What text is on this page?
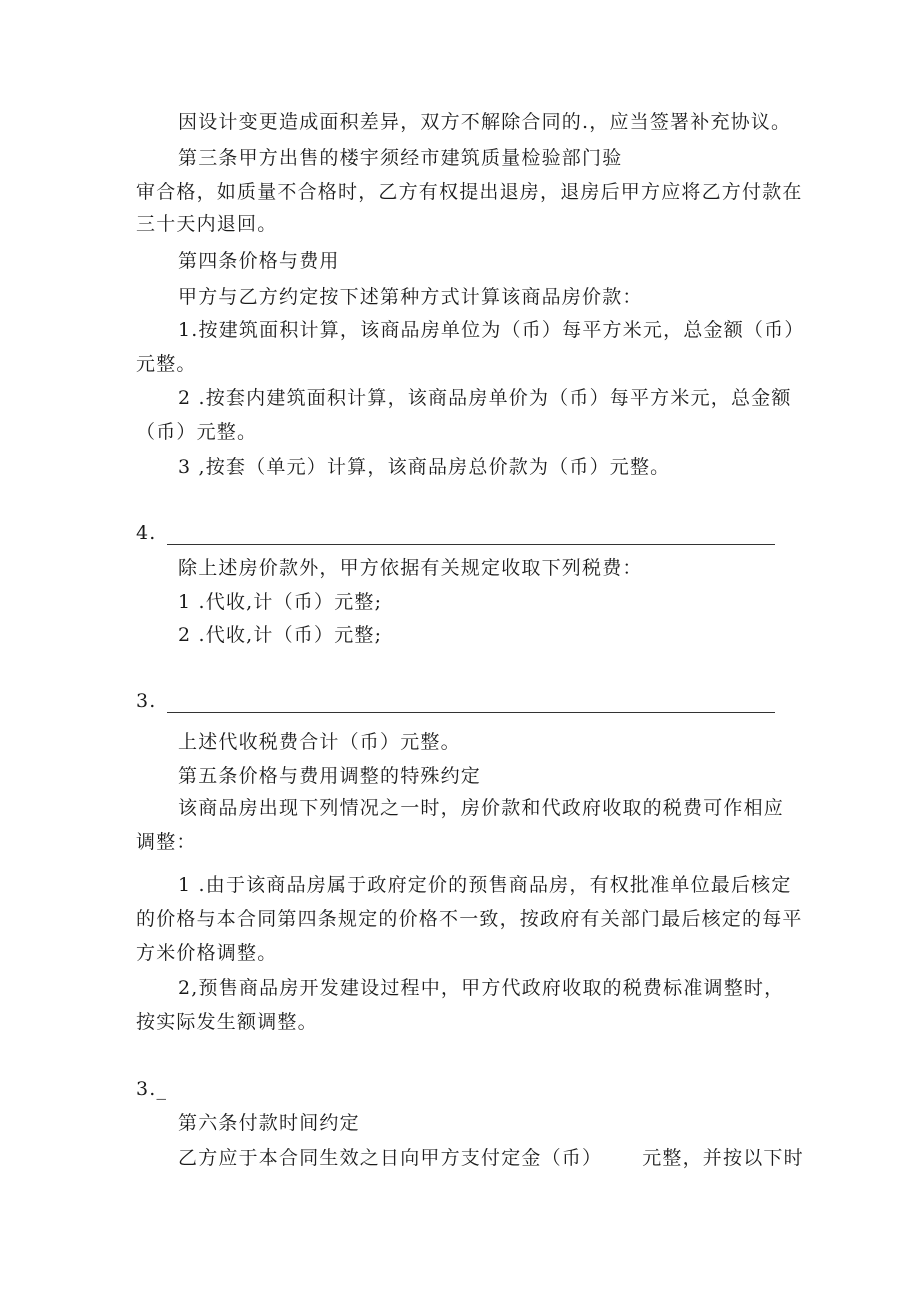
因设计变更造成面积差异，双方不解除合同的.，应当签署补充协议。
第三条甲方出售的楼宇须经市建筑质量检验部门验
审合格，如质量不合格时，乙方有权提出退房，退房后甲方应将乙方付款在
三十天内退回。
第四条价格与费用
甲方与乙方约定按下述第种方式计算该商品房价款：
1.按建筑面积计算，该商品房单位为（币）每平方米元，总金额（币）
元整。
2 .按套内建筑面积计算，该商品房单价为（币）每平方米元，总金额
（币）元整。
3 ,按套（单元）计算，该商品房总价款为（币）元整。
4.
除上述房价款外，甲方依据有关规定收取下列税费：
1 .代收,计（币）元整;
2 .代收,计（币）元整;
3.
上述代收税费合计（币）元整。
第五条价格与费用调整的特殊约定
该商品房出现下列情况之一时，房价款和代政府收取的税费可作相应
调整：
1 .由于该商品房属于政府定价的预售商品房，有权批准单位最后核定
的价格与本合同第四条规定的价格不一致，按政府有关部门最后核定的每平
方米价格调整。
2,预售商品房开发建设过程中，甲方代政府收取的税费标准调整时，
按实际发生额调整。
3._
第六条付款时间约定
乙方应于本合同生效之日向甲方支付定金（币） 元整，并按以下时
